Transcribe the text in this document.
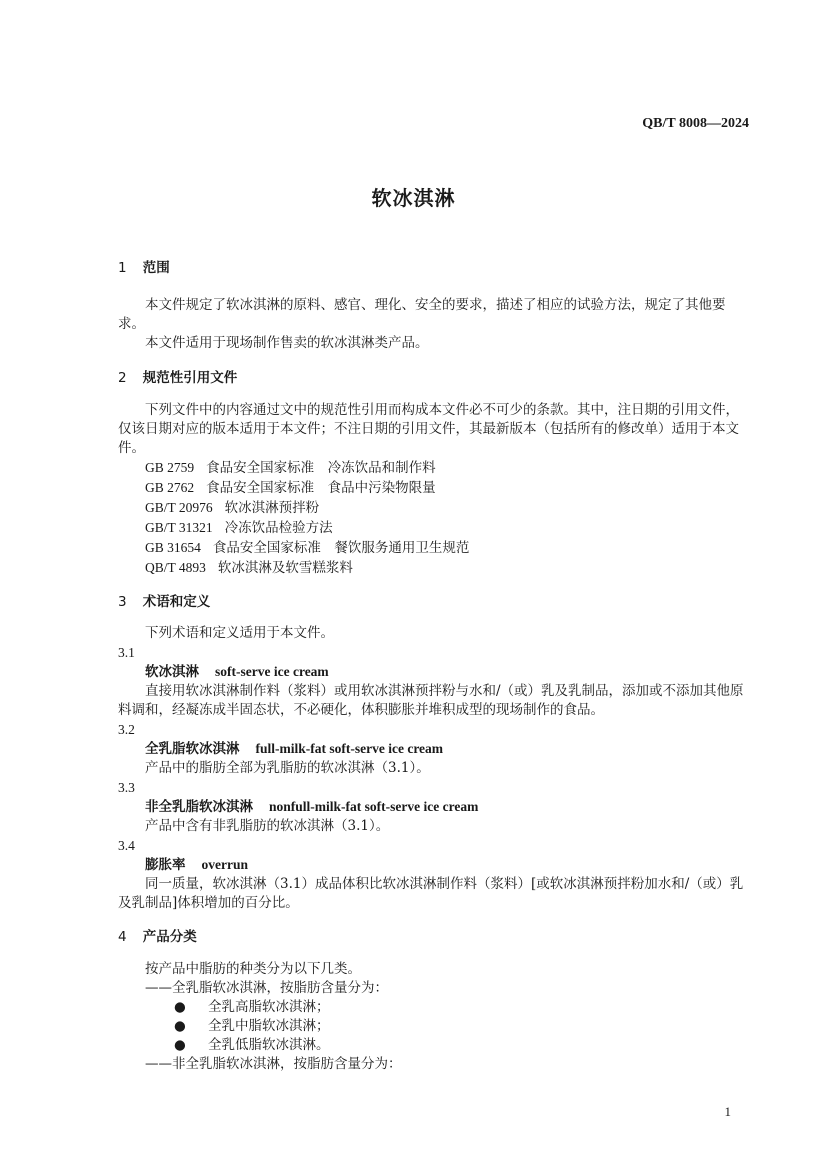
QB/T 8008—2024
软冰淇淋
1 范围
本文件规定了软冰淇淋的原料、感官、理化、安全的要求，描述了相应的试验方法，规定了其他要求。
本文件适用于现场制作售卖的软冰淇淋类产品。
2 规范性引用文件
下列文件中的内容通过文中的规范性引用而构成本文件必不可少的条款。其中，注日期的引用文件，仅该日期对应的版本适用于本文件；不注日期的引用文件，其最新版本（包括所有的修改单）适用于本文件。
GB 2759 食品安全国家标准　冷冻饮品和制作料
GB 2762 食品安全国家标准　食品中污染物限量
GB/T 20976 软冰淇淋预拌粉
GB/T 31321 冷冻饮品检验方法
GB 31654 食品安全国家标准　餐饮服务通用卫生规范
QB/T 4893 软冰淇淋及软雪糕浆料
3 术语和定义
下列术语和定义适用于本文件。
3.1
软冰淇淋 soft-serve ice cream
直接用软冰淇淋制作料（浆料）或用软冰淇淋预拌粉与水和/（或）乳及乳制品，添加或不添加其他原料调和，经凝冻成半固态状，不必硬化，体积膨胀并堆积成型的现场制作的食品。
3.2
全乳脂软冰淇淋 full-milk-fat soft-serve ice cream
产品中的脂肪全部为乳脂肪的软冰淇淋（3.1）。
3.3
非全乳脂软冰淇淋 nonfull-milk-fat soft-serve ice cream
产品中含有非乳脂肪的软冰淇淋（3.1）。
3.4
膨胀率 overrun
同一质量，软冰淇淋（3.1）成品体积比软冰淇淋制作料（浆料）[或软冰淇淋预拌粉加水和/（或）乳及乳制品]体积增加的百分比。
4 产品分类
按产品中脂肪的种类分为以下几类。
——全乳脂软冰淇淋，按脂肪含量分为：
● 全乳高脂软冰淇淋；
● 全乳中脂软冰淇淋；
● 全乳低脂软冰淇淋。
——非全乳脂软冰淇淋，按脂肪含量分为：
1
